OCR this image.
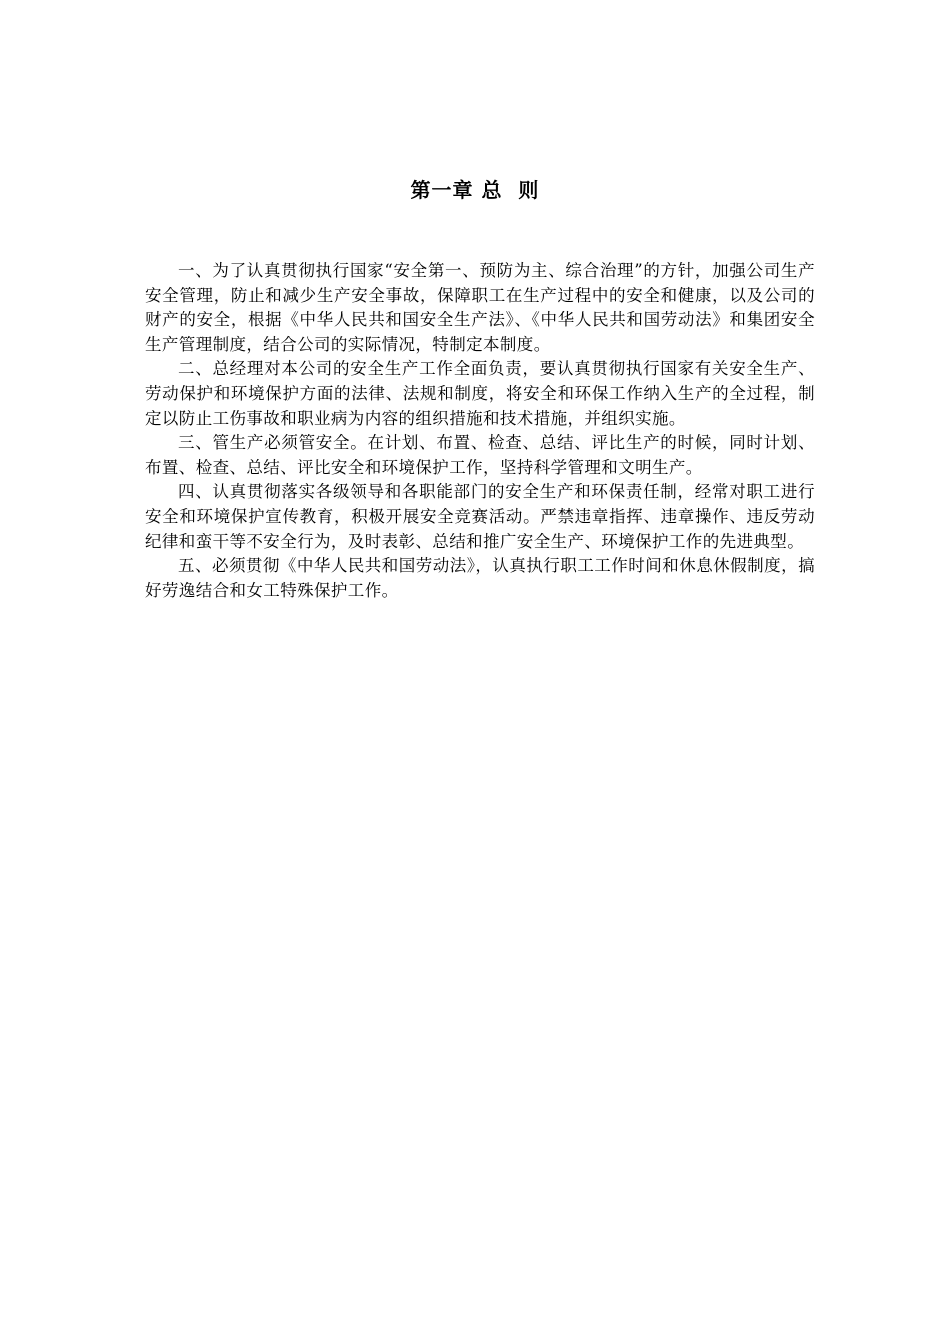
第一章 总  则

一、为了认真贯彻执行国家“安全第一、预防为主、综合治理”的方针，加强公司生产安全管理，防止和减少生产安全事故，保障职工在生产过程中的安全和健康，以及公司的财产的安全，根据《中华人民共和国安全生产法》、《中华人民共和国劳动法》和集团安全生产管理制度，结合公司的实际情况，特制定本制度。

二、总经理对本公司的安全生产工作全面负责，要认真贯彻执行国家有关安全生产、劳动保护和环境保护方面的法律、法规和制度，将安全和环保工作纳入生产的全过程，制定以防止工伤事故和职业病为内容的组织措施和技术措施，并组织实施。

三、管生产必须管安全。在计划、布置、检查、总结、评比生产的时候，同时计划、布置、检查、总结、评比安全和环境保护工作，坚持科学管理和文明生产。

四、认真贯彻落实各级领导和各职能部门的安全生产和环保责任制，经常对职工进行安全和环境保护宣传教育，积极开展安全竞赛活动。严禁违章指挥、违章操作、违反劳动纪律和蛮干等不安全行为，及时表彰、总结和推广安全生产、环境保护工作的先进典型。

五、必须贯彻《中华人民共和国劳动法》，认真执行职工工作时间和休息休假制度，搞好劳逸结合和女工特殊保护工作。
